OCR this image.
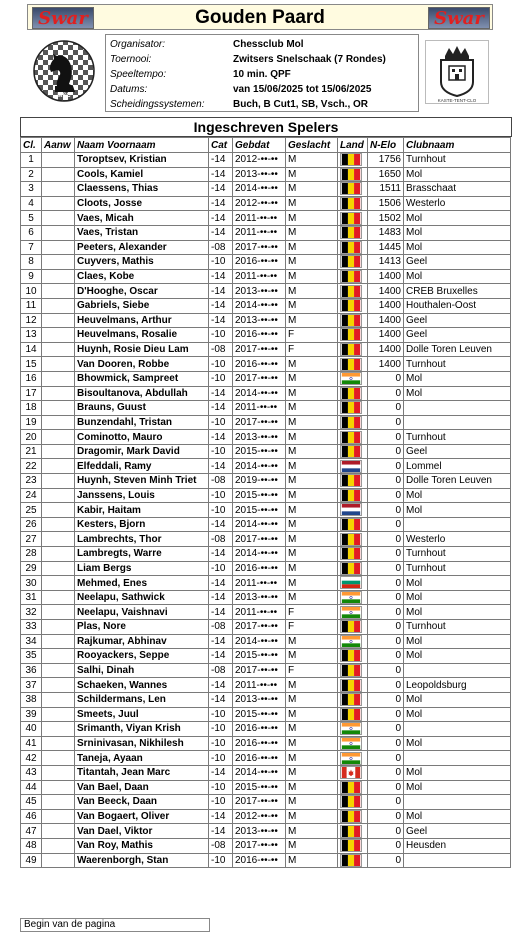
Gouden Paard
Swar	Swar
MSC
Organisator:	Chessclub Mol
Toernooi:	Zwitsers Snelschaak (7 Rondes)
Speeltempo:	10 min. QPF
Datums:	van 15/06/2025 tot 15/06/2025
Scheidingssystemen:	Buch, B Cut1, SB, Vsch., OR	KASTE-TENT-CLO
Ingeschreven Spelers
Cl.	Aanw	Naam Voornaam	Cat	Gebdat	Geslacht	Land	N-Elo	Clubnaam
1		Toroptsev, Kristian	-14	2012-••-••	M		1756	Turnhout
2		Cools, Kamiel	-14	2013-••-••	M		1650	Mol
3		Claessens, Thias	-14	2014-••-••	M		1511	Brasschaat
4		Cloots, Josse	-14	2012-••-••	M		1506	Westerlo
5		Vaes, Micah	-14	2011-••-••	M		1502	Mol
6		Vaes, Tristan	-14	2011-••-••	M		1483	Mol
7		Peeters, Alexander	-08	2017-••-••	M		1445	Mol
8		Cuyvers, Mathis	-10	2016-••-••	M		1413	Geel
9		Claes, Kobe	-14	2011-••-••	M		1400	Mol
10		D'Hooghe, Oscar	-14	2013-••-••	M		1400	CREB Bruxelles
11		Gabriels, Siebe	-14	2014-••-••	M		1400	Houthalen-Oost
12		Heuvelmans, Arthur	-14	2013-••-••	M		1400	Geel
13		Heuvelmans, Rosalie	-10	2016-••-••	F		1400	Geel
14		Huynh, Rosie Dieu Lam	-08	2017-••-••	F		1400	Dolle Toren Leuven
15		Van Dooren, Robbe	-10	2016-••-••	M		1400	Turnhout
16		Bhowmick, Sampreet	-10	2017-••-••	M		0	Mol
17		Bisoultanova, Abdullah	-14	2014-••-••	M		0	Mol
18		Brauns, Guust	-14	2011-••-••	M		0	
19		Bunzendahl, Tristan	-10	2017-••-••	M		0	
20		Cominotto, Mauro	-14	2013-••-••	M		0	Turnhout
21		Dragomir, Mark David	-10	2015-••-••	M		0	Geel
22		Elfeddali, Ramy	-14	2014-••-••	M		0	Lommel
23		Huynh, Steven Minh Triet	-08	2019-••-••	M		0	Dolle Toren Leuven
24		Janssens, Louis	-10	2015-••-••	M		0	Mol
25		Kabir, Haitam	-10	2015-••-••	M		0	Mol
26		Kesters, Bjorn	-14	2014-••-••	M		0	
27		Lambrechts, Thor	-08	2017-••-••	M		0	Westerlo
28		Lambregts, Warre	-14	2014-••-••	M		0	Turnhout
29		Liam Bergs	-10	2016-••-••	M		0	Turnhout
30		Mehmed, Enes	-14	2011-••-••	M		0	Mol
31		Neelapu, Sathwick	-14	2013-••-••	M		0	Mol
32		Neelapu, Vaishnavi	-14	2011-••-••	F		0	Mol
33		Plas, Nore	-08	2017-••-••	F		0	Turnhout
34		Rajkumar, Abhinav	-14	2014-••-••	M		0	Mol
35		Rooyackers, Seppe	-14	2015-••-••	M		0	Mol
36		Salhi, Dinah	-08	2017-••-••	F		0	
37		Schaeken, Wannes	-14	2011-••-••	M		0	Leopoldsburg
38		Schildermans, Len	-14	2013-••-••	M		0	Mol
39		Smeets, Juul	-10	2015-••-••	M		0	Mol
40		Srimanth, Viyan Krish	-10	2016-••-••	M		0	
41		Srninivasan, Nikhilesh	-10	2016-••-••	M		0	Mol
42		Taneja, Ayaan	-10	2016-••-••	M		0	
43		Titantah, Jean Marc	-14	2014-••-••	M		0	Mol
44		Van Bael, Daan	-10	2015-••-••	M		0	Mol
45		Van Beeck, Daan	-10	2017-••-••	M		0	
46		Van Bogaert, Oliver	-14	2012-••-••	M		0	Mol
47		Van Dael, Viktor	-14	2013-••-••	M		0	Geel
48		Van Roy, Mathis	-08	2017-••-••	M		0	Heusden
49		Waerenborgh, Stan	-10	2016-••-••	M		0	
Begin van de pagina
